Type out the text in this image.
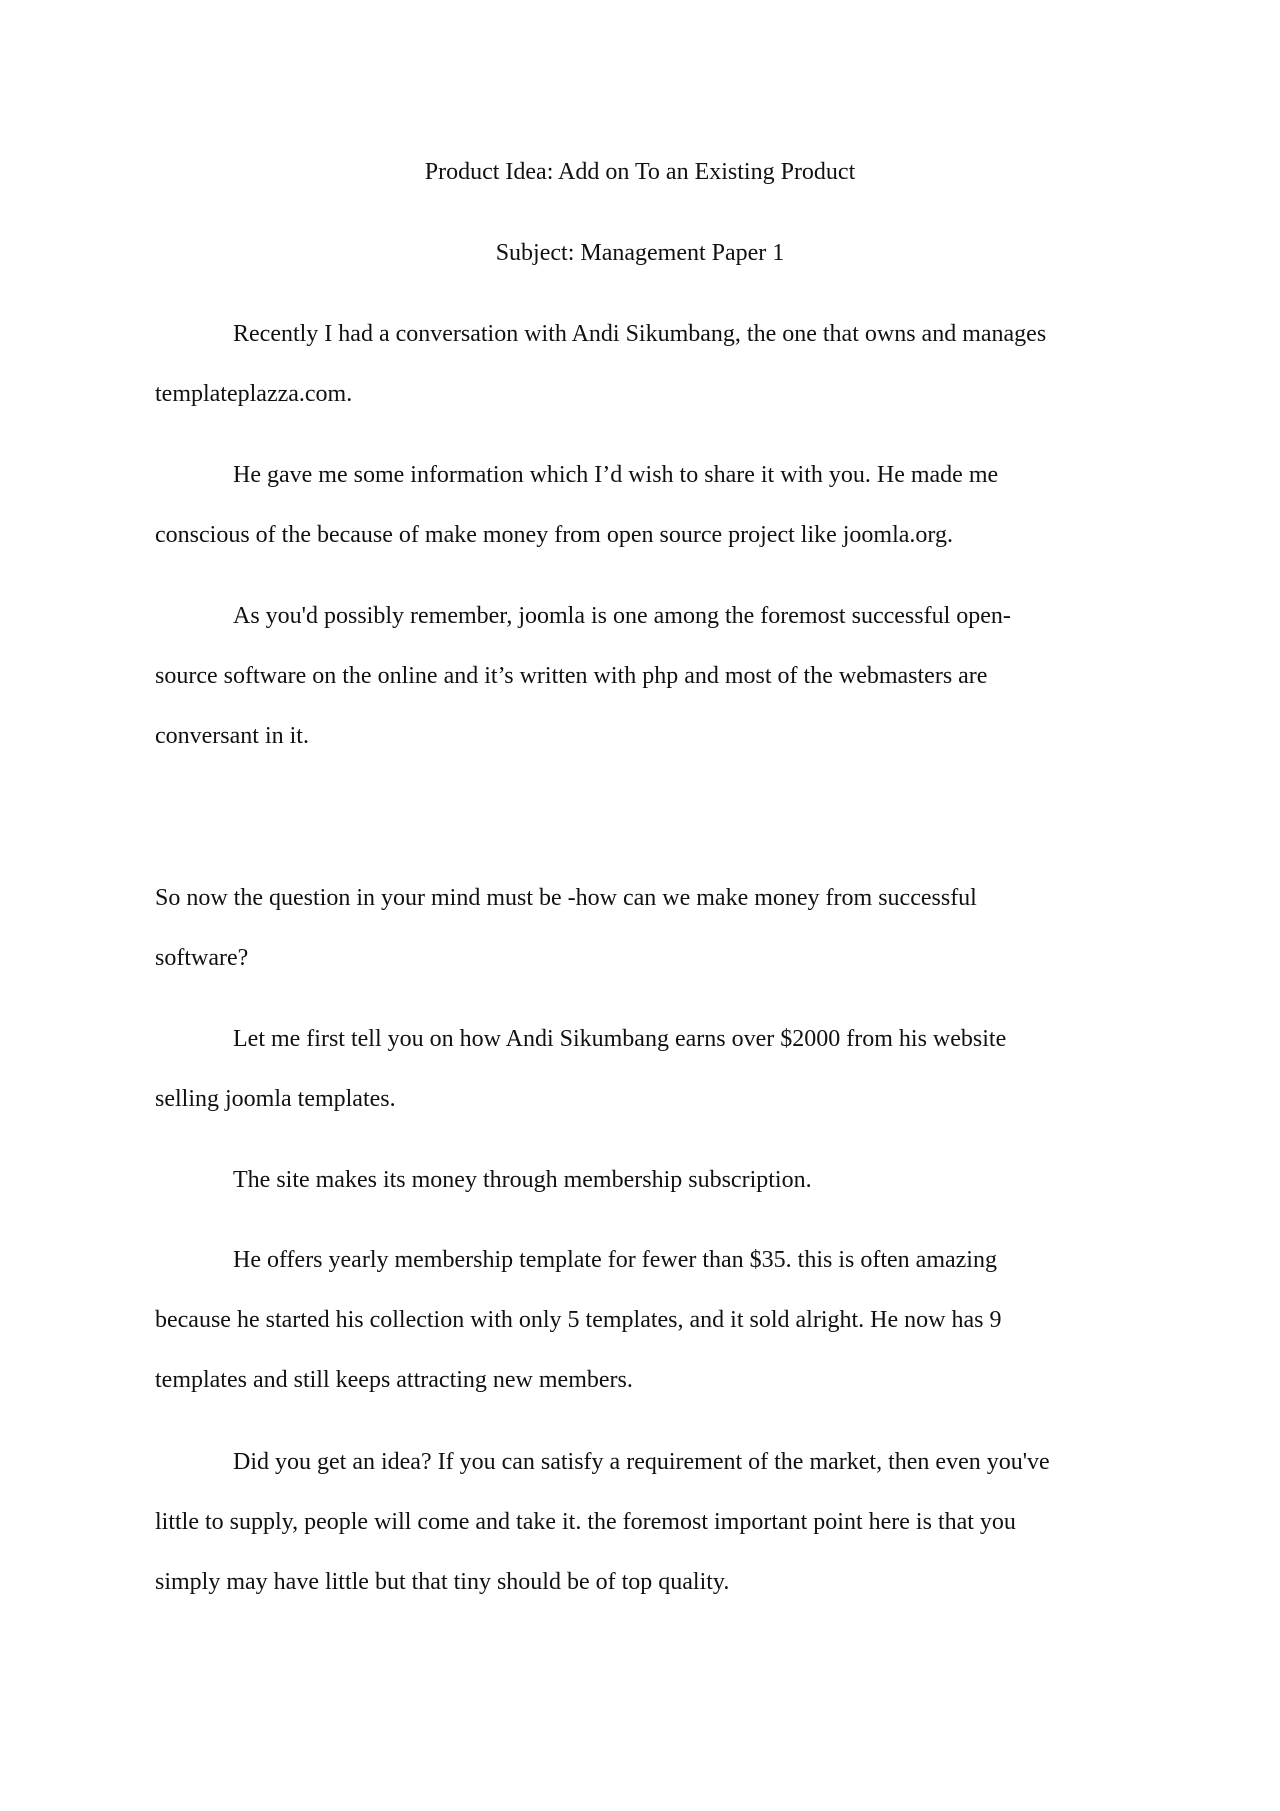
Product Idea: Add on To an Existing Product
Subject: Management Paper 1
Recently I had a conversation with Andi Sikumbang, the one that owns and manages
templateplazza.com.
He gave me some information which I’d wish to share it with you. He made me
conscious of the because of make money from open source project like joomla.org.
As you'd possibly remember, joomla is one among the foremost successful open-
source software on the online and it’s written with php and most of the webmasters are
conversant in it.
So now the question in your mind must be -how can we make money from successful
software?
Let me first tell you on how Andi Sikumbang earns over $2000 from his website
selling joomla templates.
The site makes its money through membership subscription.
He offers yearly membership template for fewer than $35. this is often amazing
because he started his collection with only 5 templates, and it sold alright. He now has 9
templates and still keeps attracting new members.
Did you get an idea? If you can satisfy a requirement of the market, then even you've
little to supply, people will come and take it. the foremost important point here is that you
simply may have little but that tiny should be of top quality.
